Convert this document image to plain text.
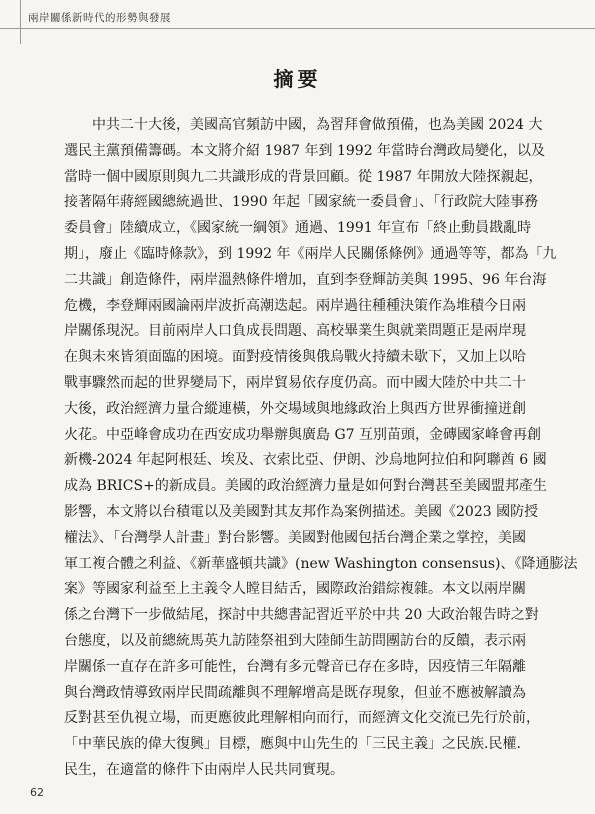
兩岸關係新時代的形勢與發展
摘要
　　中共二十大後，美國高官頻訪中國，為習拜會做預備，也為美國 2024 大
選民主黨預備籌碼。本文將介紹 1987 年到 1992 年當時台灣政局變化，以及
當時一個中國原則與九二共識形成的背景回顧。從 1987 年開放大陸探親起，
接著隔年蔣經國總統過世、1990 年起「國家統一委員會」、「行政院大陸事務
委員會」陸續成立，《國家統一綱領》通過、1991 年宣布「終止動員戡亂時
期」，廢止《臨時條款》，到 1992 年《兩岸人民關係條例》通過等等，都為「九
二共識」創造條件，兩岸溫熱條件增加，直到李登輝訪美與 1995、96 年台海
危機，李登輝兩國論兩岸波折高潮迭起。兩岸過往種種決策作為堆積今日兩
岸關係現況。目前兩岸人口負成長問題、高校畢業生與就業問題正是兩岸現
在與未來皆須面臨的困境。面對疫情後與俄烏戰火持續未歇下，又加上以哈
戰事驟然而起的世界變局下，兩岸貿易依存度仍高。而中國大陸於中共二十
大後，政治經濟力量合縱連橫，外交場域與地緣政治上與西方世界衝撞迸創
火花。中亞峰會成功在西安成功舉辦與廣島 G7 互別苗頭，金磚國家峰會再創
新機-2024 年起阿根廷、埃及、衣索比亞、伊朗、沙烏地阿拉伯和阿聯酋 6 國
成為 BRICS+的新成員。美國的政治經濟力量是如何對台灣甚至美國盟邦產生
影響，本文將以台積電以及美國對其友邦作為案例描述。美國《2023 國防授
權法》、「台灣學人計畫」對台影響。美國對他國包括台灣企業之掌控，美國
軍工複合體之利益、《新華盛頓共識》(new Washington consensus)、《降通膨法
案》等國家利益至上主義令人瞠目結舌，國際政治錯綜複雜。本文以兩岸關
係之台灣下一步做結尾，探討中共總書記習近平於中共 20 大政治報告時之對
台態度，以及前總統馬英九訪陸祭祖到大陸師生訪問團訪台的反饋，表示兩
岸關係一直存在許多可能性，台灣有多元聲音已存在多時，因疫情三年隔離
與台灣政情導致兩岸民間疏離與不理解增高是既存現象，但並不應被解讀為
反對甚至仇視立場，而更應彼此理解相向而行，而經濟文化交流已先行於前，
「中華民族的偉大復興」目標，應與中山先生的「三民主義」之民族.民權.
民生，在適當的條件下由兩岸人民共同實現。
62
